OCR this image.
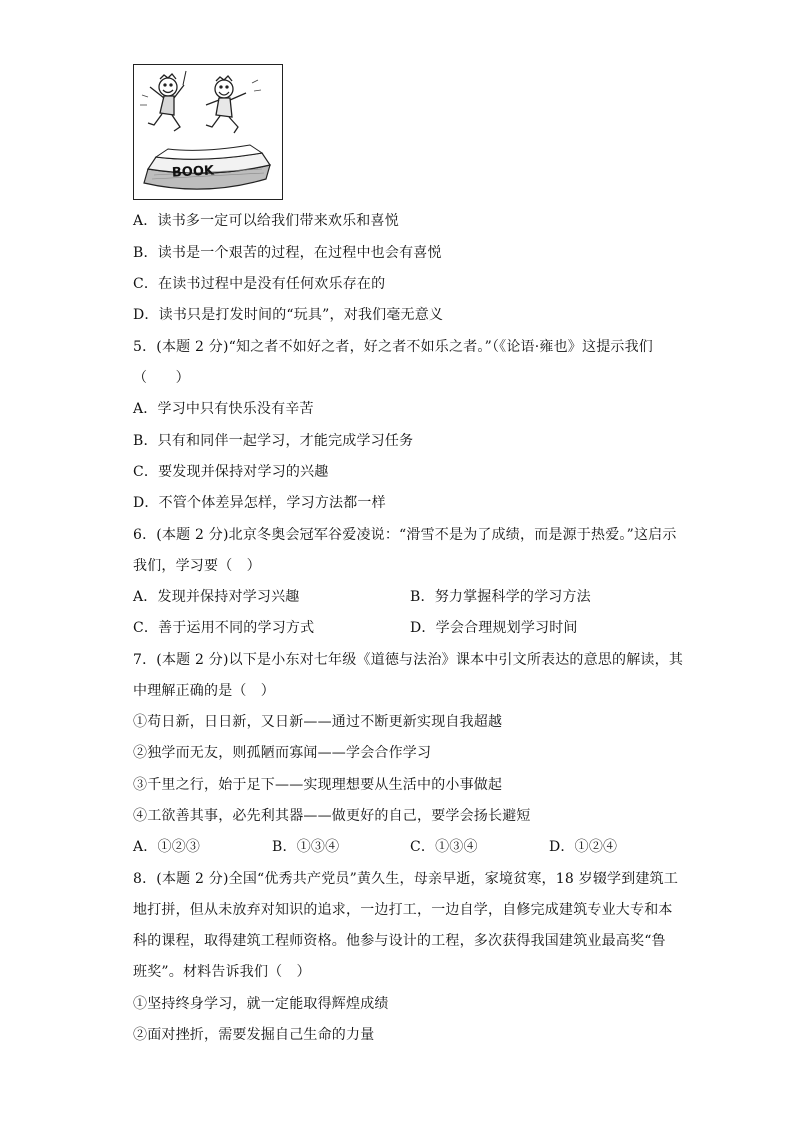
BOOK
A．读书多一定可以给我们带来欢乐和喜悦
B．读书是一个艰苦的过程，在过程中也会有喜悦
C．在读书过程中是没有任何欢乐存在的
D．读书只是打发时间的“玩具”，对我们毫无意义
5．(本题 2 分)“知之者不如好之者，好之者不如乐之者。”（《论语·雍也》这提示我们
（　　）
A．学习中只有快乐没有辛苦
B．只有和同伴一起学习，才能完成学习任务
C．要发现并保持对学习的兴趣
D．不管个体差异怎样，学习方法都一样
6．(本题 2 分)北京冬奥会冠军谷爱凌说：“滑雪不是为了成绩，而是源于热爱。”这启示
我们，学习要（　）
A．发现并保持对学习兴趣	B．努力掌握科学的学习方法
C．善于运用不同的学习方式	D．学会合理规划学习时间
7．(本题 2 分)以下是小东对七年级《道德与法治》课本中引文所表达的意思的解读，其
中理解正确的是（　）
①苟日新，日日新，又日新——通过不断更新实现自我超越
②独学而无友，则孤陋而寡闻——学会合作学习
③千里之行，始于足下——实现理想要从生活中的小事做起
④工欲善其事，必先利其器——做更好的自己，要学会扬长避短
A．①②③	B．①③④	C．①③④	D．①②④
8．(本题 2 分)全国“优秀共产党员”黄久生，母亲早逝，家境贫寒，18 岁辍学到建筑工
地打拼，但从未放弃对知识的追求，一边打工，一边自学，自修完成建筑专业大专和本
科的课程，取得建筑工程师资格。他参与设计的工程，多次获得我国建筑业最高奖“鲁
班奖”。材料告诉我们（　）
①坚持终身学习，就一定能取得辉煌成绩
②面对挫折，需要发掘自己生命的力量
